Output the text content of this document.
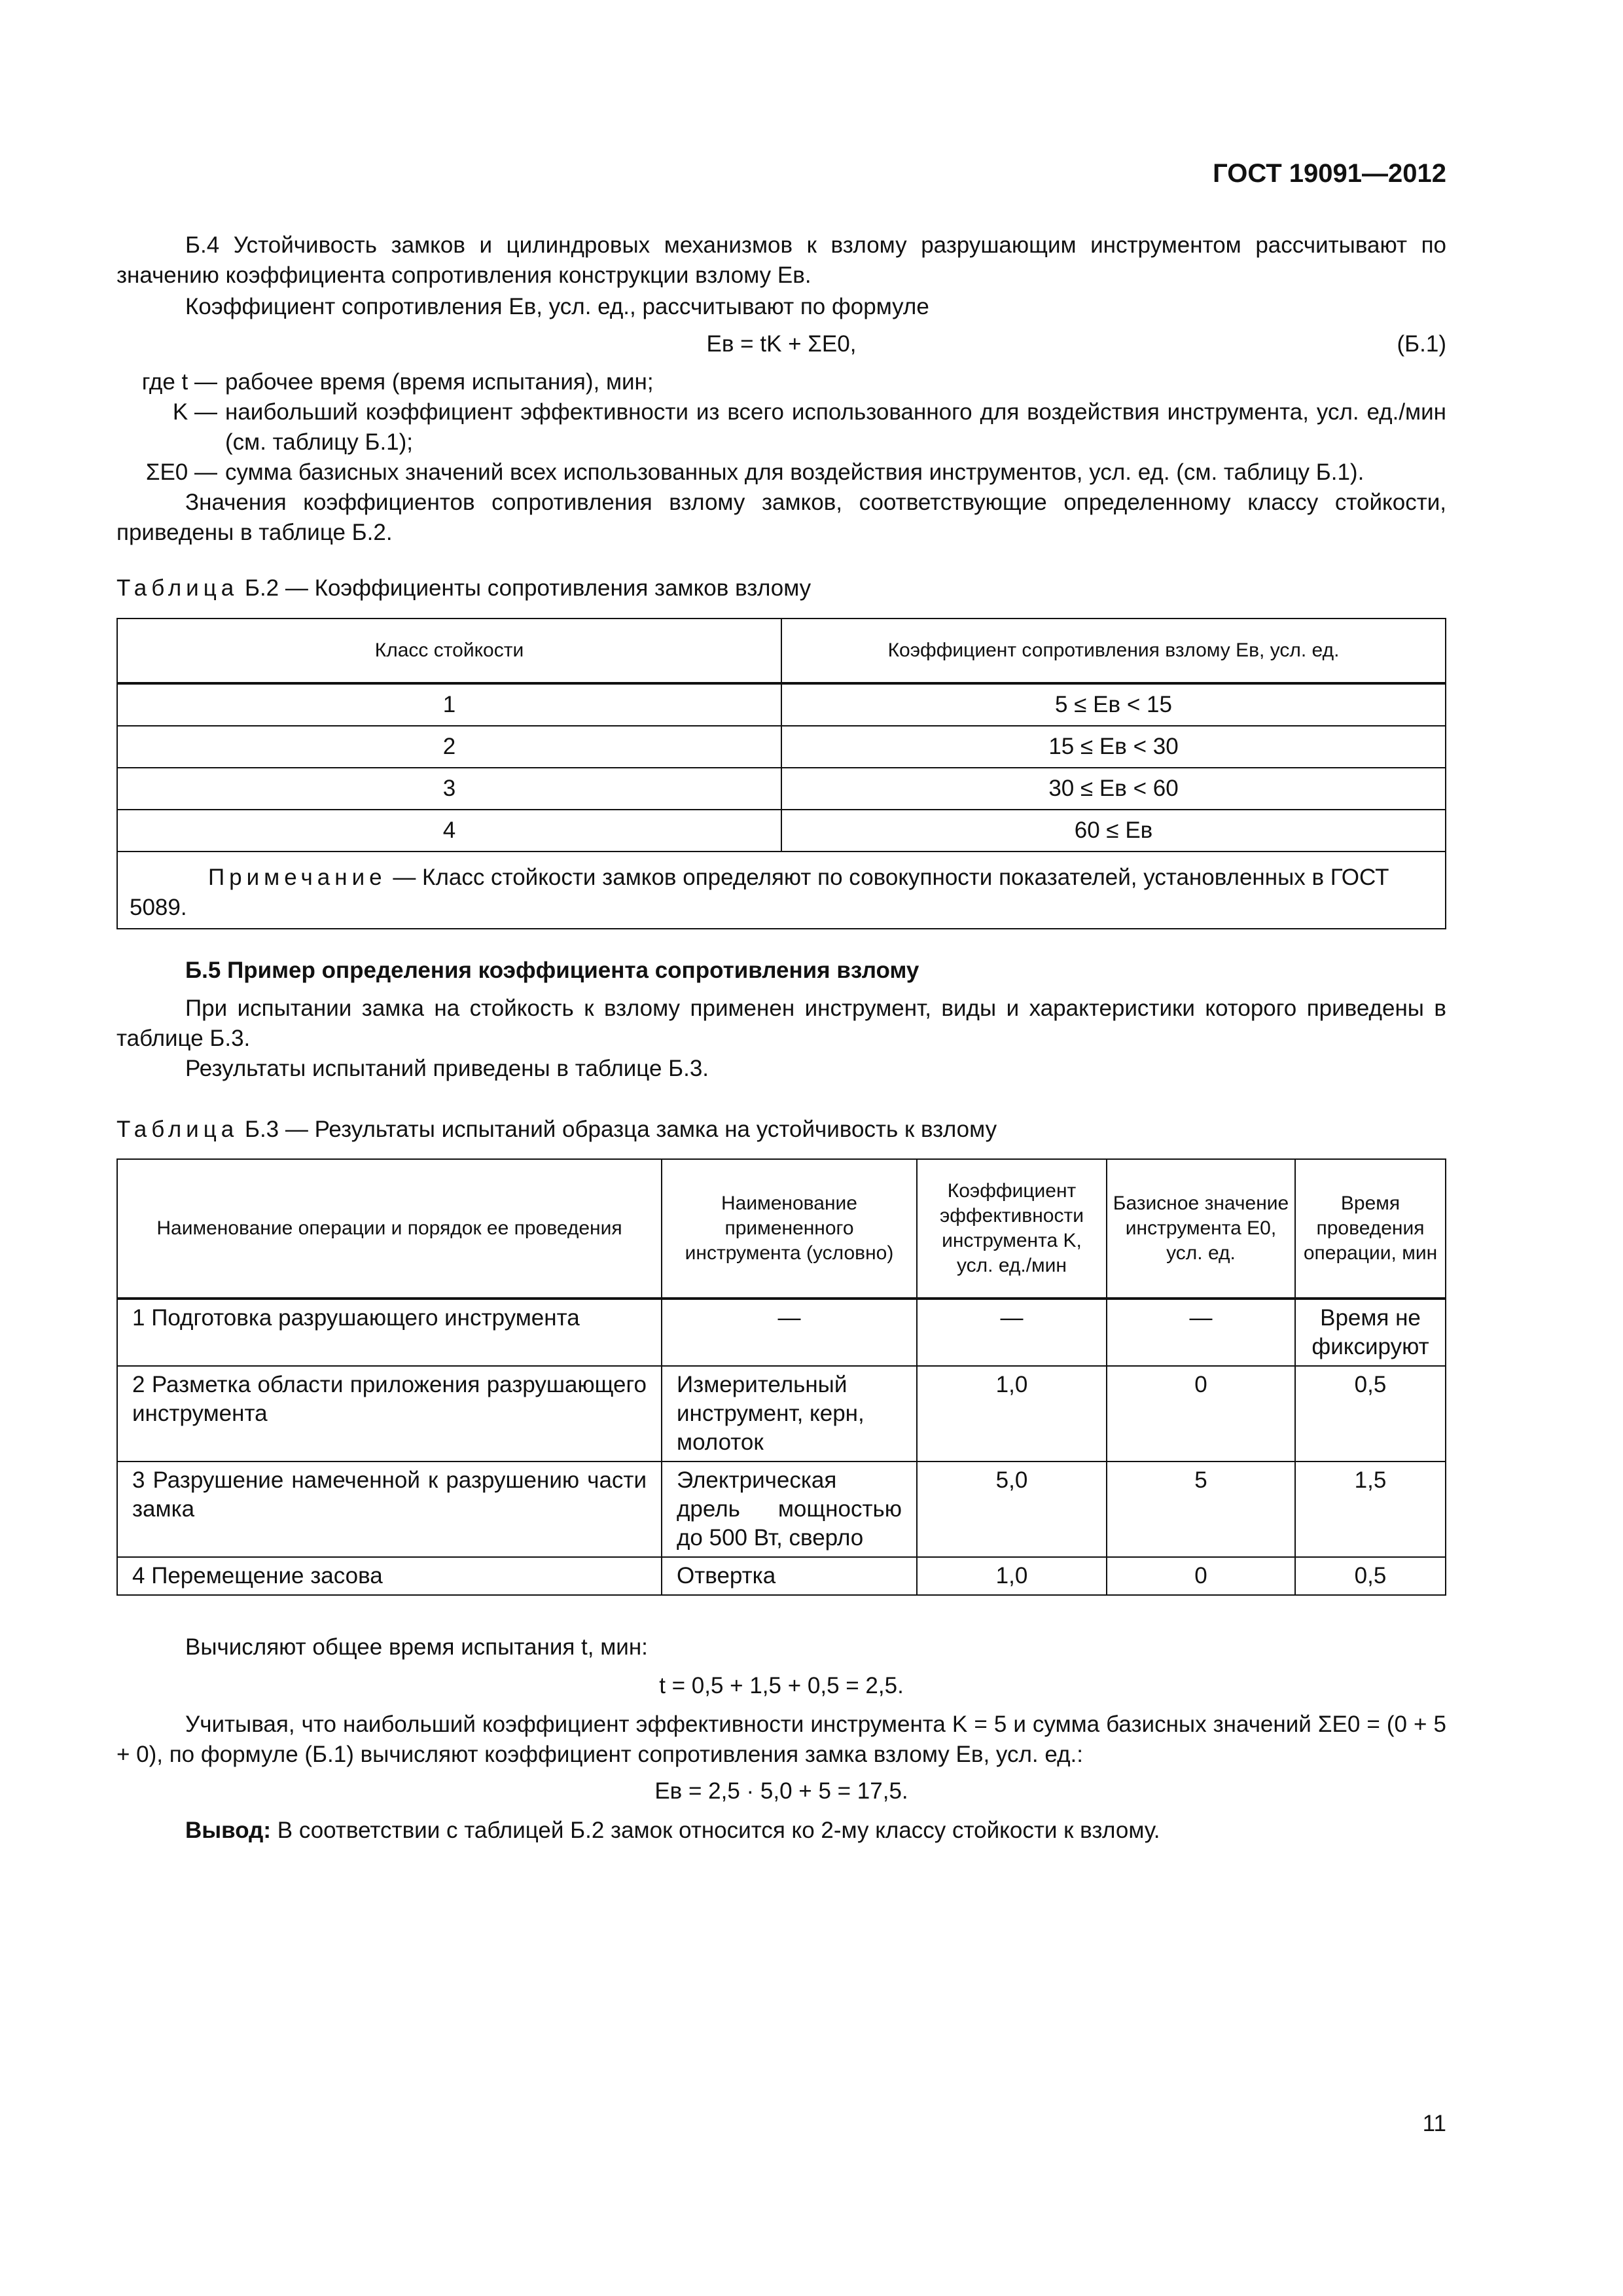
ГОСТ 19091—2012
Б.4 Устойчивость замков и цилиндровых механизмов к взлому разрушающим инструментом рассчитывают по значению коэффициента сопротивления конструкции взлому Eв.
Коэффициент сопротивления Eв, усл. ед., рассчитывают по формуле
Eв = tK + ΣE0,	(Б.1)
где t — рабочее время (время испытания), мин;
K — наибольший коэффициент эффективности из всего использованного для воздействия инструмента, усл. ед./мин (см. таблицу Б.1);
ΣE0 — сумма базисных значений всех использованных для воздействия инструментов, усл. ед. (см. таблицу Б.1).
Значения коэффициентов сопротивления взлому замков, соответствующие определенному классу стойкости, приведены в таблице Б.2.
Таблица Б.2 — Коэффициенты сопротивления замков взлому
Класс стойкости	Коэффициент сопротивления взлому Eв, усл. ед.
1	5 ≤ Eв < 15
2	15 ≤ Eв < 30
3	30 ≤ Eв < 60
4	60 ≤ Eв
Примечание — Класс стойкости замков определяют по совокупности показателей, установленных в ГОСТ 5089.	
Б.5 Пример определения коэффициента сопротивления взлому
При испытании замка на стойкость к взлому применен инструмент, виды и характеристики которого приведены в таблице Б.3.
Результаты испытаний приведены в таблице Б.3.
Таблица Б.3 — Результаты испытаний образца замка на устойчивость к взлому
Наименование операции и порядок ее проведения	Наименование примененного инструмента (условно)	Коэффициент эффективности инструмента K, усл. ед./мин	Базисное значение инструмента E0, усл. ед.	Время проведения операции, мин
1 Подготовка разрушающего инструмента	—	—	—	Время не фиксируют
2 Разметка области приложения разрушающего инструмента	Измерительный инструмент, керн, молоток	1,0	0	0,5
3 Разрушение намеченной к разрушению части замка	Электрическая дрель мощностью до 500 Вт, сверло	5,0	5	1,5
4 Перемещение засова	Отвертка	1,0	0	0,5
Вычисляют общее время испытания t, мин:
t = 0,5 + 1,5 + 0,5 = 2,5.
Учитывая, что наибольший коэффициент эффективности инструмента K = 5 и сумма базисных значений ΣE0 = (0 + 5 + 0), по формуле (Б.1) вычисляют коэффициент сопротивления замка взлому Eв, усл. ед.:
Eв = 2,5 · 5,0 + 5 = 17,5.
Вывод: В соответствии с таблицей Б.2 замок относится ко 2-му классу стойкости к взлому.
11
